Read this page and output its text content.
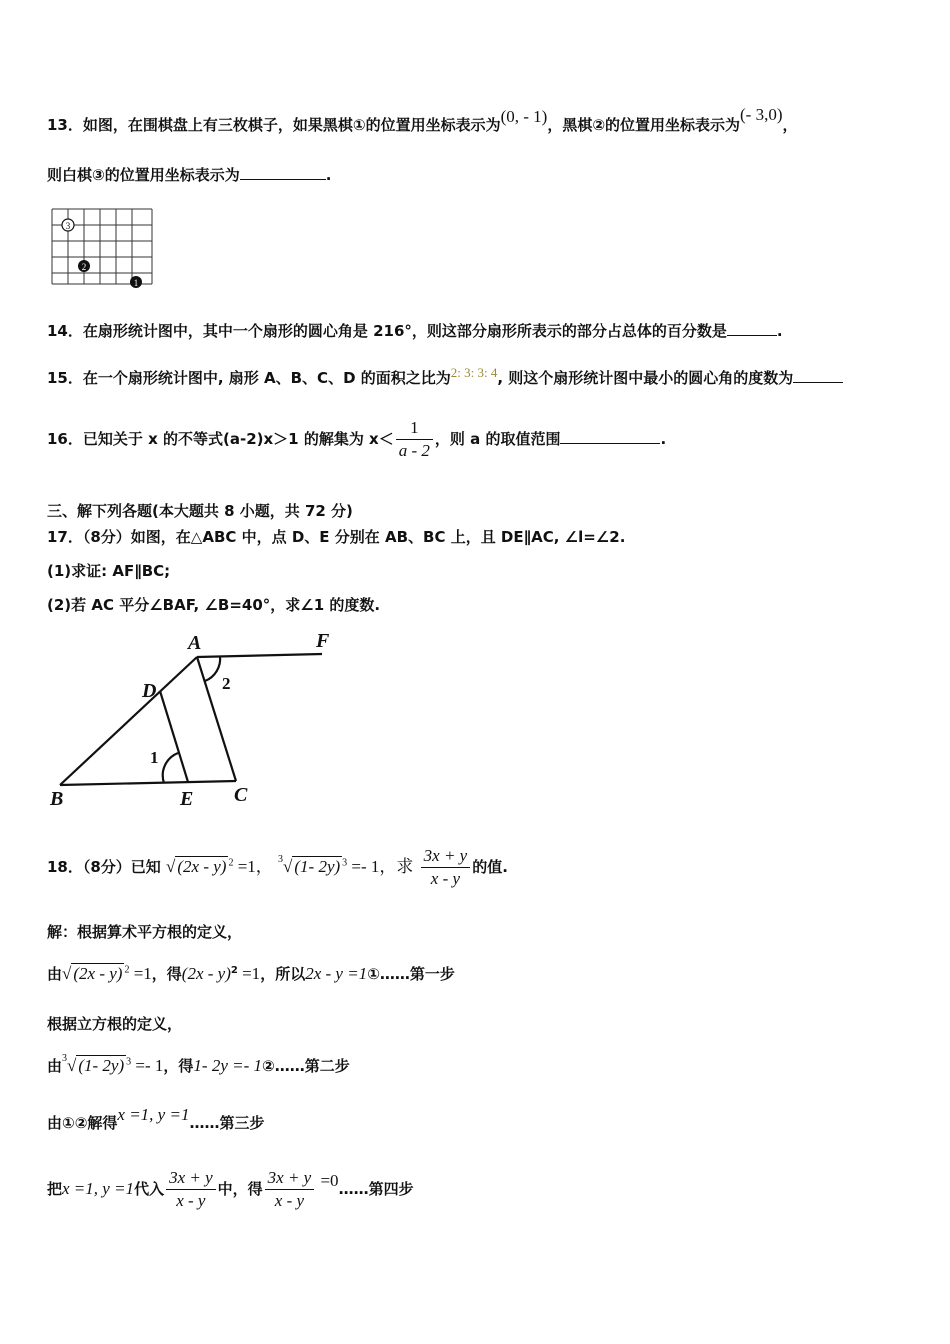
13．如图，在围棋盘上有三枚棋子，如果黑棋①的位置用坐标表示为(0, - 1)，黑棋②的位置用坐标表示为(- 3,0)，
则白棋③的位置用坐标表示为	.
3
2
1
14．在扇形统计图中，其中一个扇形的圆心角是 216°，则这部分扇形所表示的部分占总体的百分数是	.
15．在一个扇形统计图中, 扇形 A、B、C、D 的面积之比为2: 3: 3: 4, 则这个扇形统计图中最小的圆心角的度数为
16．已知关于 x 的不等式(a-2)x＞1 的解集为 $x< \frac{1}{a - 2}$ ，则 a 的取值范围	.
三、解下列各题(本大题共 8 小题，共 72 分)
17．（8分）如图，在△ABC 中，点 D、E 分别在 AB、BC 上，且 DE∥AC, ∠l=∠2.
(1)求证: AF∥BC;
(2)若 AC 平分∠BAF, ∠B=40°，求∠1 的度数.
A	F
D
B	E C
1
2
18．（8分）已知 √ (2x - y) $^2$ =1， $^3$√ (1- 2y) $^3$ =- 1，求 $\frac{3x + y}{x - y}$ 的值.
解：根据算术平方根的定义，
由√ (2x - y) $^2$ =1，得(2x - y)$^2$ =1，所以2x - y =1①……第一步
根据立方根的定义，
由$^3$√ (1- 2y) $^3$ =- 1，得1- 2y =- 1②……第二步
由①②解得x =1, y =1……第三步
把x =1, y =1代入 $\frac{3x + y}{x - y}$ 中，得 $\frac{3x + y}{x - y}$ =0……第四步
